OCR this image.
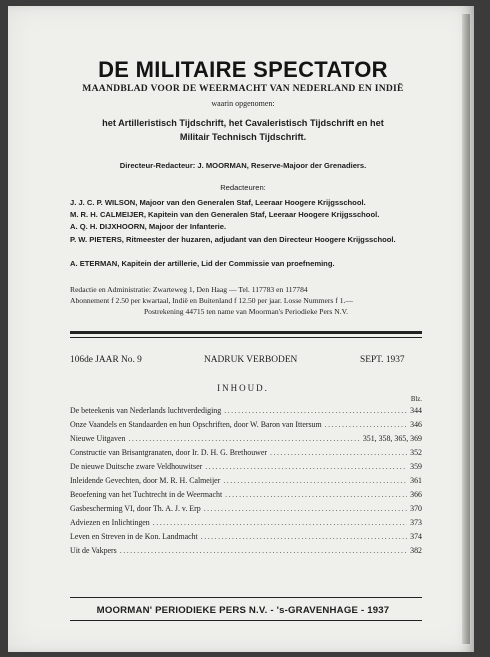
DE MILITAIRE SPECTATOR
MAANDBLAD VOOR DE WEERMACHT VAN NEDERLAND EN INDIË
waarin opgenomen:
het Artilleristisch Tijdschrift, het Cavaleristisch Tijdschrift en het
Militair Technisch Tijdschrift.
Directeur-Redacteur: J. MOORMAN, Reserve-Majoor der Grenadiers.
Redacteuren:
J. J. C. P. WILSON, Majoor van den Generalen Staf, Leeraar Hoogere Krijgsschool.
M. R. H. CALMEIJER, Kapitein van den Generalen Staf, Leeraar Hoogere Krijgsschool.
A. Q. H. DIJXHOORN, Majoor der Infanterie.
P. W. PIETERS, Ritmeester der huzaren, adjudant van den Directeur Hoogere Krijgsschool.
A. ETERMAN, Kapitein der artillerie, Lid der Commissie van proefneming.
Redactie en Administratie: Zwarteweg 1, Den Haag — Tel. 117783 en 117784
Abonnement f 2.50 per kwartaal, Indië en Buitenland f 12.50 per jaar. Losse Nummers f 1.—
Postrekening 44715 ten name van Moorman's Periodieke Pers N.V.
106de JAAR No. 9	NADRUK VERBODEN	SEPT. 1937
INHOUD.
Blz.
De beteekenis van Nederlands luchtverdediging .....	344
Onze Vaandels en Standaarden en hun Opschriften, door W. Baron van Ittersum .....	346
Nieuwe Uitgaven .....	351, 358, 365, 369
Constructie van Brisantgranaten, door Ir. D. H. G. Brethouwer .....	352
De nieuwe Duitsche zware Veldhouwitser .....	359
Inleidende Gevechten, door M. R. H. Calmeijer .....	361
Beoefening van het Tuchtrecht in de Weermacht .....	366
Gasbescherming VI, door Th. A. J. v. Erp .....	370
Adviezen en Inlichtingen .....	373
Leven en Streven in de Kon. Landmacht .....	374
Uit de Vakpers .....	382
MOORMAN' PERIODIEKE PERS N.V. - 's-GRAVENHAGE - 1937
